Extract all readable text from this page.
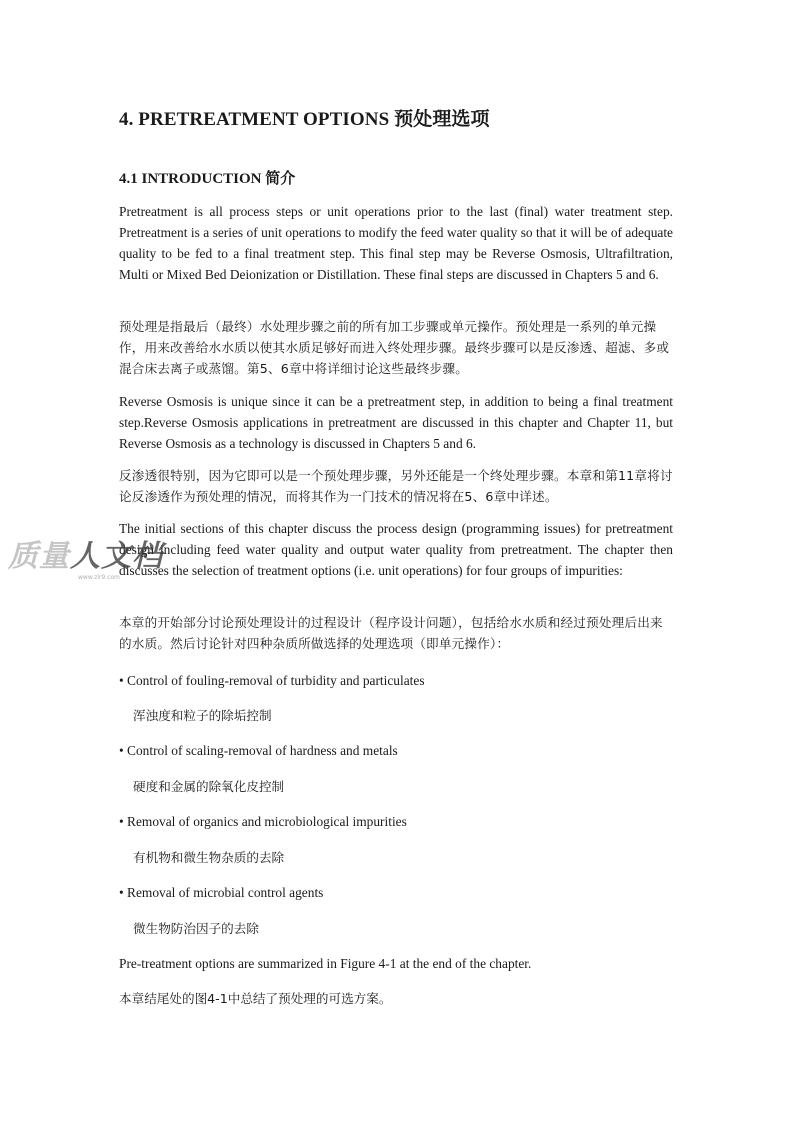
4. PRETREATMENT OPTIONS 预处理选项
4.1 INTRODUCTION 简介

Pretreatment is all process steps or unit operations prior to the last (final) water treatment step. Pretreatment is a series of unit operations to modify the feed water quality so that it will be of adequate quality to be fed to a final treatment step. This final step may be Reverse Osmosis, Ultrafiltration, Multi or Mixed Bed Deionization or Distillation. These final steps are discussed in Chapters 5 and 6.

预处理是指最后（最终）水处理步骤之前的所有加工步骤或单元操作。预处理是一系列的单元操作，用来改善给水水质以使其水质足够好而进入终处理步骤。最终步骤可以是反渗透、超滤、多或混合床去离子或蒸馏。第5、6章中将详细讨论这些最终步骤。

Reverse Osmosis is unique since it can be a pretreatment step, in addition to being a final treatment step.Reverse Osmosis applications in pretreatment are discussed in this chapter and Chapter 11, but Reverse Osmosis as a technology is discussed in Chapters 5 and 6.

反渗透很特别，因为它即可以是一个预处理步骤，另外还能是一个终处理步骤。本章和第11章将讨论反渗透作为预处理的情况，而将其作为一门技术的情况将在5、6章中详述。

The initial sections of this chapter discuss the process design (programming issues) for pretreatment design including feed water quality and output water quality from pretreatment. The chapter then discusses the selection of treatment options (i.e. unit operations) for four groups of impurities:

本章的开始部分讨论预处理设计的过程设计（程序设计问题），包括给水水质和经过预处理后出来的水质。然后讨论针对四种杂质所做选择的处理选项（即单元操作）：

• Control of fouling-removal of turbidity and particulates
浑浊度和粒子的除垢控制
• Control of scaling-removal of hardness and metals
硬度和金属的除氧化皮控制
• Removal of organics and microbiological impurities
有机物和微生物杂质的去除
• Removal of microbial control agents
微生物防治因子的去除
Pre-treatment options are summarized in Figure 4-1 at the end of the chapter.
本章结尾处的图4-1中总结了预处理的可选方案。
质量人文档
www.zlr9.com
